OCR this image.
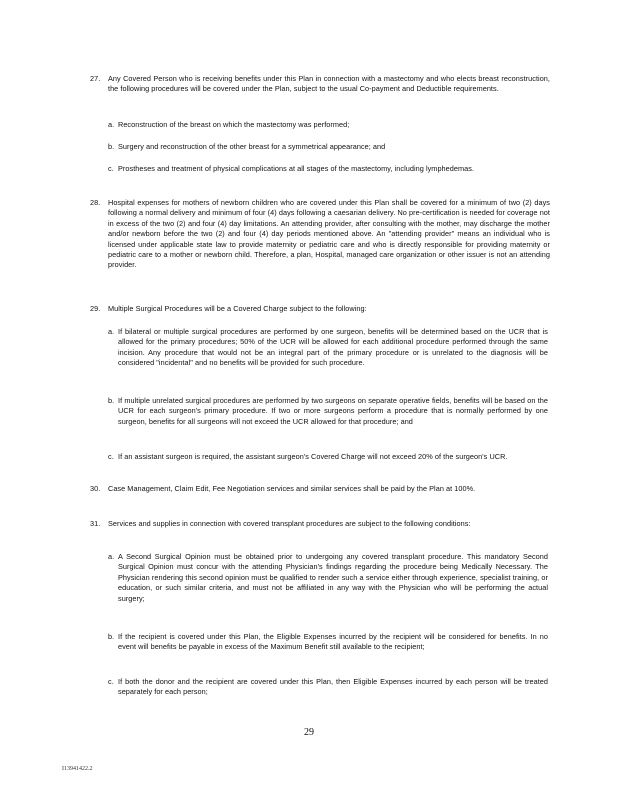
27. Any Covered Person who is receiving benefits under this Plan in connection with a mastectomy and who elects breast reconstruction, the following procedures will be covered under the Plan, subject to the usual Co-payment and Deductible requirements.
a. Reconstruction of the breast on which the mastectomy was performed;
b. Surgery and reconstruction of the other breast for a symmetrical appearance; and
c. Prostheses and treatment of physical complications at all stages of the mastectomy, including lymphedemas.
28. Hospital expenses for mothers of newborn children who are covered under this Plan shall be covered for a minimum of two (2) days following a normal delivery and minimum of four (4) days following a caesarian delivery. No pre-certification is needed for coverage not in excess of the two (2) and four (4) day limitations. An attending provider, after consulting with the mother, may discharge the mother and/or newborn before the two (2) and four (4) day periods mentioned above. An "attending provider" means an individual who is licensed under applicable state law to provide maternity or pediatric care and who is directly responsible for providing maternity or pediatric care to a mother or newborn child. Therefore, a plan, Hospital, managed care organization or other issuer is not an attending provider.
29. Multiple Surgical Procedures will be a Covered Charge subject to the following:
a. If bilateral or multiple surgical procedures are performed by one surgeon, benefits will be determined based on the UCR that is allowed for the primary procedures; 50% of the UCR will be allowed for each additional procedure performed through the same incision. Any procedure that would not be an integral part of the primary procedure or is unrelated to the diagnosis will be considered "incidental" and no benefits will be provided for such procedure.
b. If multiple unrelated surgical procedures are performed by two surgeons on separate operative fields, benefits will be based on the UCR for each surgeon's primary procedure. If two or more surgeons perform a procedure that is normally performed by one surgeon, benefits for all surgeons will not exceed the UCR allowed for that procedure; and
c. If an assistant surgeon is required, the assistant surgeon's Covered Charge will not exceed 20% of the surgeon's UCR.
30. Case Management, Claim Edit, Fee Negotiation services and similar services shall be paid by the Plan at 100%.
31. Services and supplies in connection with covered transplant procedures are subject to the following conditions:
a. A Second Surgical Opinion must be obtained prior to undergoing any covered transplant procedure. This mandatory Second Surgical Opinion must concur with the attending Physician's findings regarding the procedure being Medically Necessary. The Physician rendering this second opinion must be qualified to render such a service either through experience, specialist training, or education, or such similar criteria, and must not be affiliated in any way with the Physician who will be performing the actual surgery;
b. If the recipient is covered under this Plan, the Eligible Expenses incurred by the recipient will be considered for benefits. In no event will benefits be payable in excess of the Maximum Benefit still available to the recipient;
c. If both the donor and the recipient are covered under this Plan, then Eligible Expenses incurred by each person will be treated separately for each person;
29
I13941422.2
